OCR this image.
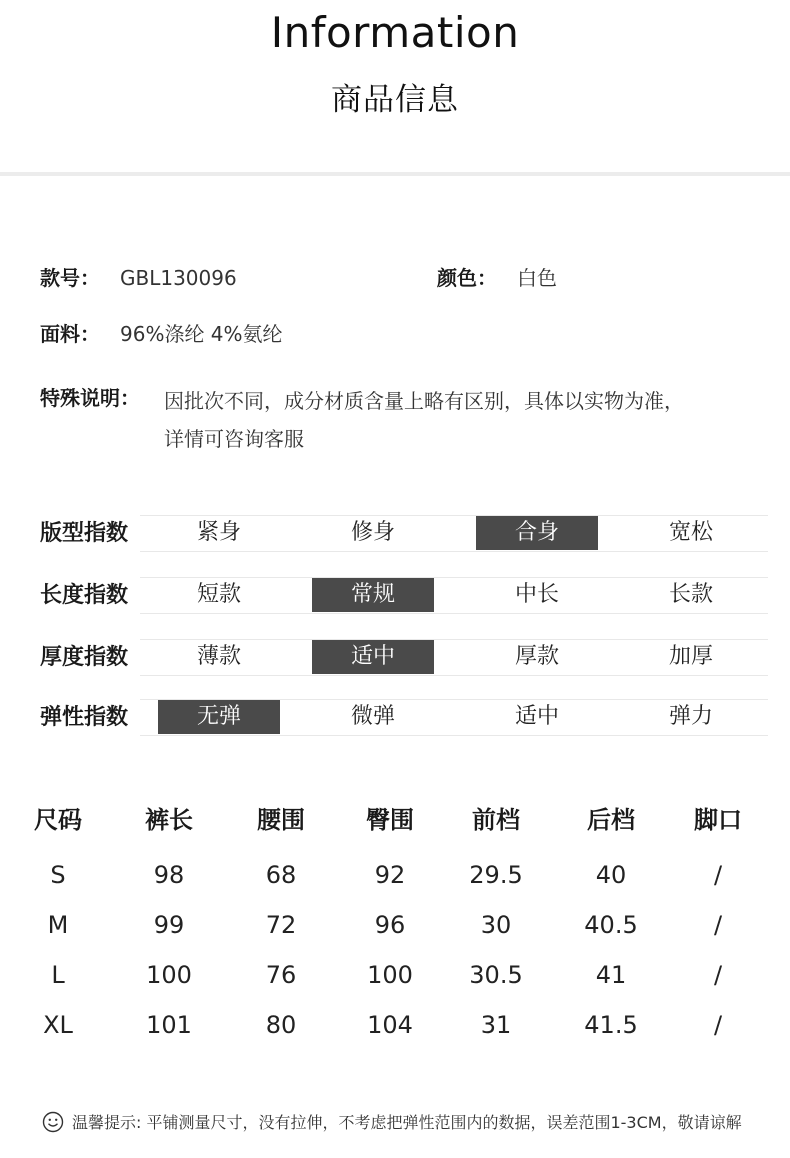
Information
商品信息
款号： GBL130096	颜色： 白色
面料： 96%涤纶 4%氨纶
特殊说明： 因批次不同，成分材质含量上略有区别，具体以实物为准，详情可咨询客服
版型指数	紧身	修身	合身	宽松
长度指数	短款	常规	中长	长款
厚度指数	薄款	适中	厚款	加厚
弹性指数	无弹	微弹	适中	弹力
尺码	裤长	腰围	臀围	前档	后档	脚口
S	98	68	92	29.5	40	/
M	99	72	96	30	40.5	/
L	100	76	100	30.5	41	/
XL	101	80	104	31	41.5	/
温馨提示: 平铺测量尺寸，没有拉伸，不考虑把弹性范围内的数据，误差范围1-3CM，敬请谅解
